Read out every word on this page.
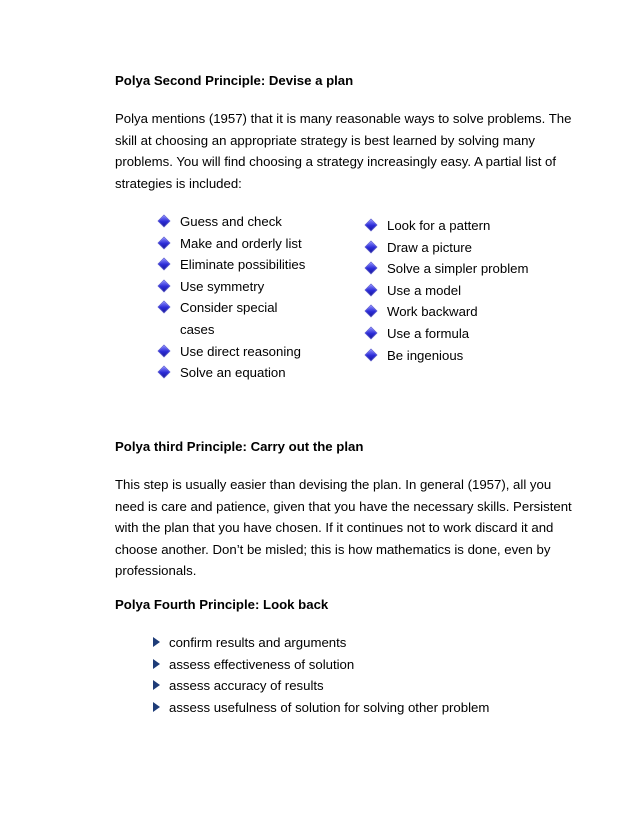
Polya Second Principle: Devise a plan

Polya mentions (1957) that it is many reasonable ways to solve problems. The skill at choosing an appropriate strategy is best learned by solving many problems. You will find choosing a strategy increasingly easy. A partial list of strategies is included:

Guess and check
Make and orderly list
Eliminate possibilities
Use symmetry
Consider special cases
Use direct reasoning
Solve an equation
Look for a pattern
Draw a picture
Solve a simpler problem
Use a model
Work backward
Use a formula
Be ingenious
Polya third Principle: Carry out the plan

This step is usually easier than devising the plan. In general (1957), all you need is care and patience, given that you have the necessary skills. Persistent with the plan that you have chosen. If it continues not to work discard it and choose another. Don’t be misled; this is how mathematics is done, even by professionals.

Polya Fourth Principle: Look back
confirm results and arguments
assess effectiveness of solution
assess accuracy of results
assess usefulness of solution for solving other problem
